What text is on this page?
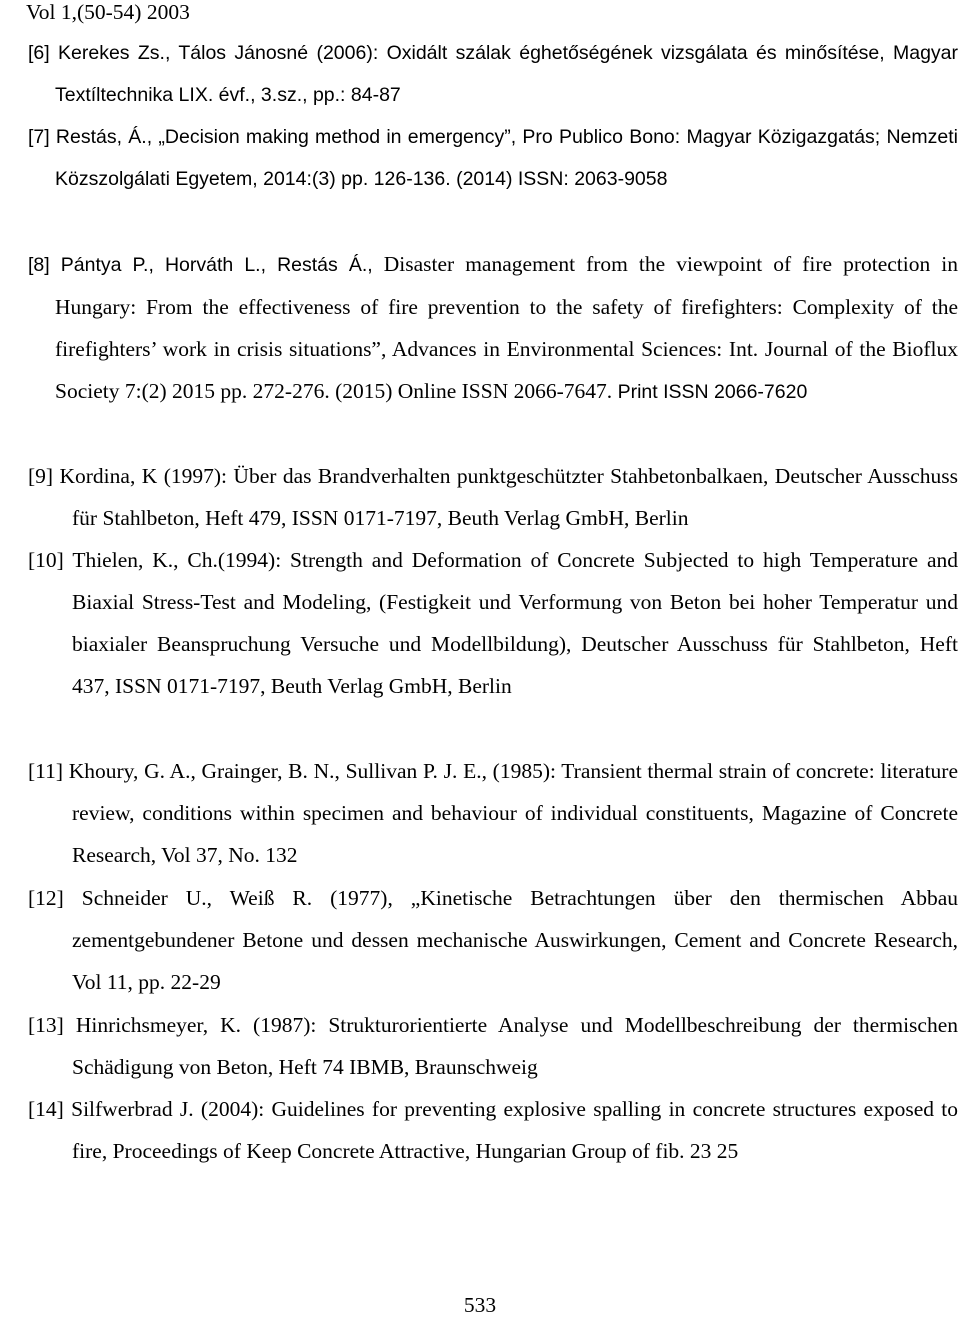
Vol 1,(50-54) 2003
[6] Kerekes Zs., Tálos Jánosné (2006): Oxidált szálak éghetőségének vizsgálata és minősítése, Magyar Textíltechnika LIX. évf., 3.sz., pp.: 84-87
[7] Restás, Á., „Decision making method in emergency”, Pro Publico Bono: Magyar Közigazgatás; Nemzeti Közszolgálati Egyetem, 2014:(3) pp. 126-136. (2014) ISSN: 2063-9058
[8] Pántya P., Horváth L., Restás Á., Disaster management from the viewpoint of fire protection in Hungary: From the effectiveness of fire prevention to the safety of firefighters: Complexity of the firefighters’ work in crisis situations”, Advances in Environmental Sciences: Int. Journal of the Bioflux Society 7:(2) 2015 pp. 272-276. (2015) Online ISSN 2066-7647. Print ISSN 2066-7620
[9] Kordina, K (1997): Über das Brandverhalten punktgeschützter Stahbetonbalkaen, Deutscher Ausschuss für Stahlbeton, Heft 479, ISSN 0171-7197, Beuth Verlag GmbH, Berlin
[10] Thielen, K., Ch.(1994): Strength and Deformation of Concrete Subjected to high Temperature and Biaxial Stress-Test and Modeling, (Festigkeit und Verformung von Beton bei hoher Temperatur und biaxialer Beanspruchung Versuche und Modellbildung), Deutscher Ausschuss für Stahlbeton, Heft 437, ISSN 0171-7197, Beuth Verlag GmbH, Berlin
[11] Khoury, G. A., Grainger, B. N., Sullivan P. J. E., (1985): Transient thermal strain of concrete: literature review, conditions within specimen and behaviour of individual constituents, Magazine of Concrete Research, Vol 37, No. 132
[12] Schneider U., Weiß R. (1977), „Kinetische Betrachtungen über den thermischen Abbau zementgebundener Betone und dessen mechanische Auswirkungen, Cement and Concrete Research, Vol 11, pp. 22-29
[13] Hinrichsmeyer, K. (1987): Strukturorientierte Analyse und Modellbeschreibung der thermischen Schädigung von Beton, Heft 74 IBMB, Braunschweig
[14] Silfwerbrad J. (2004): Guidelines for preventing explosive spalling in concrete structures exposed to fire, Proceedings of Keep Concrete Attractive, Hungarian Group of fib. 23 25
533
